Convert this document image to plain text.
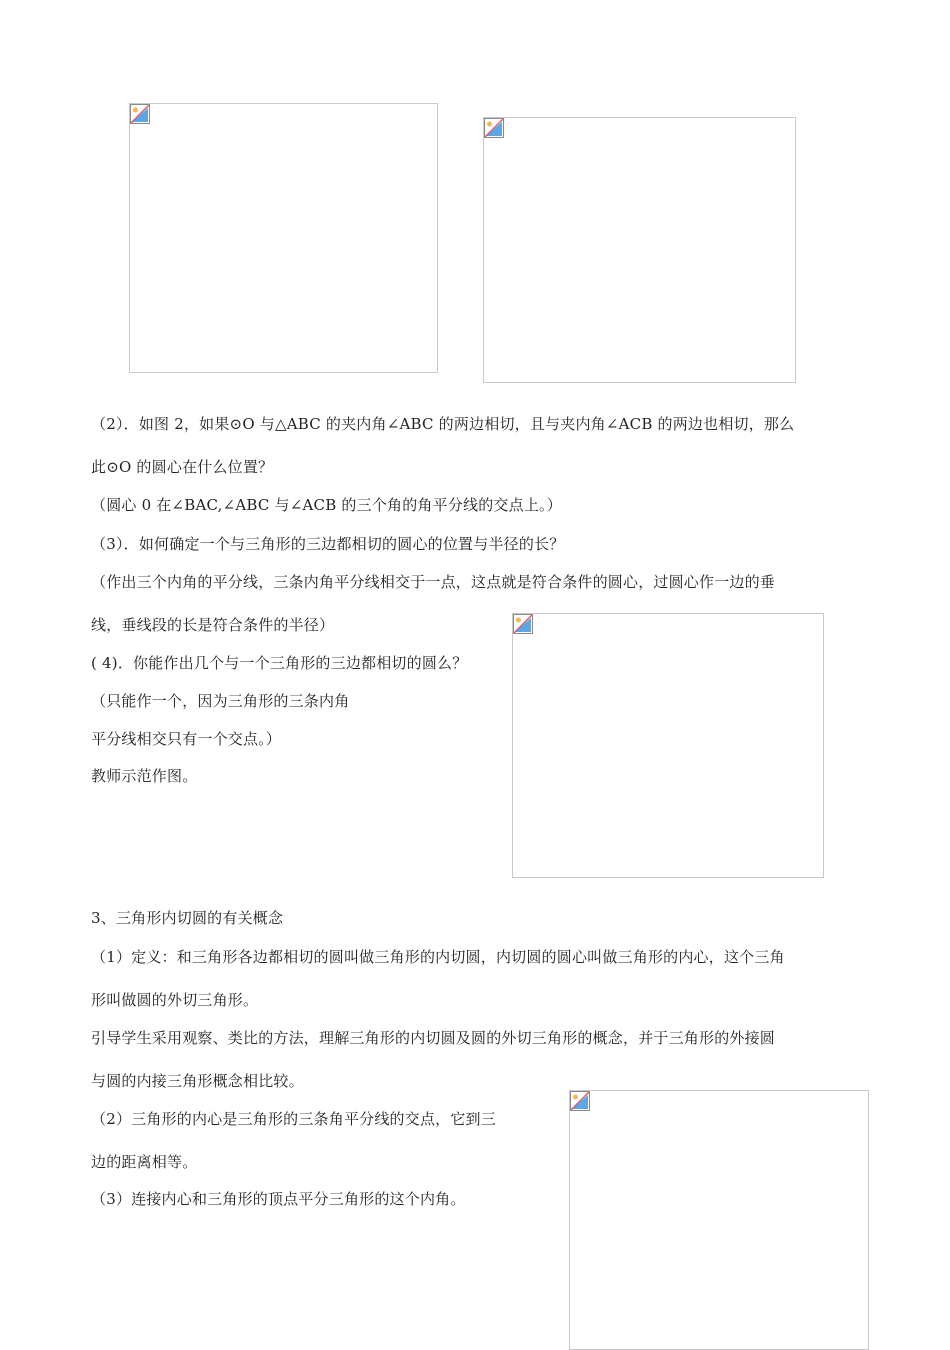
（2）．如图 2，如果⊙O 与△ABC 的夹内角∠ABC 的两边相切，且与夹内角∠ACB 的两边也相切，那么
此⊙O 的圆心在什么位置？
（圆心 0 在∠BAC,∠ABC 与∠ACB 的三个角的角平分线的交点上。）
（3）．如何确定一个与三角形的三边都相切的圆心的位置与半径的长？
（作出三个内角的平分线，三条内角平分线相交于一点，这点就是符合条件的圆心，过圆心作一边的垂
线，垂线段的长是符合条件的半径）
( 4)．你能作出几个与一个三角形的三边都相切的圆么？
（只能作一个，因为三角形的三条内角
平分线相交只有一个交点。）
教师示范作图。
3、三角形内切圆的有关概念
（1）定义：和三角形各边都相切的圆叫做三角形的内切圆，内切圆的圆心叫做三角形的内心，这个三角
形叫做圆的外切三角形。
引导学生采用观察、类比的方法，理解三角形的内切圆及圆的外切三角形的概念，并于三角形的外接圆
与圆的内接三角形概念相比较。
（2）三角形的内心是三角形的三条角平分线的交点，它到三
边的距离相等。
（3）连接内心和三角形的顶点平分三角形的这个内角。
